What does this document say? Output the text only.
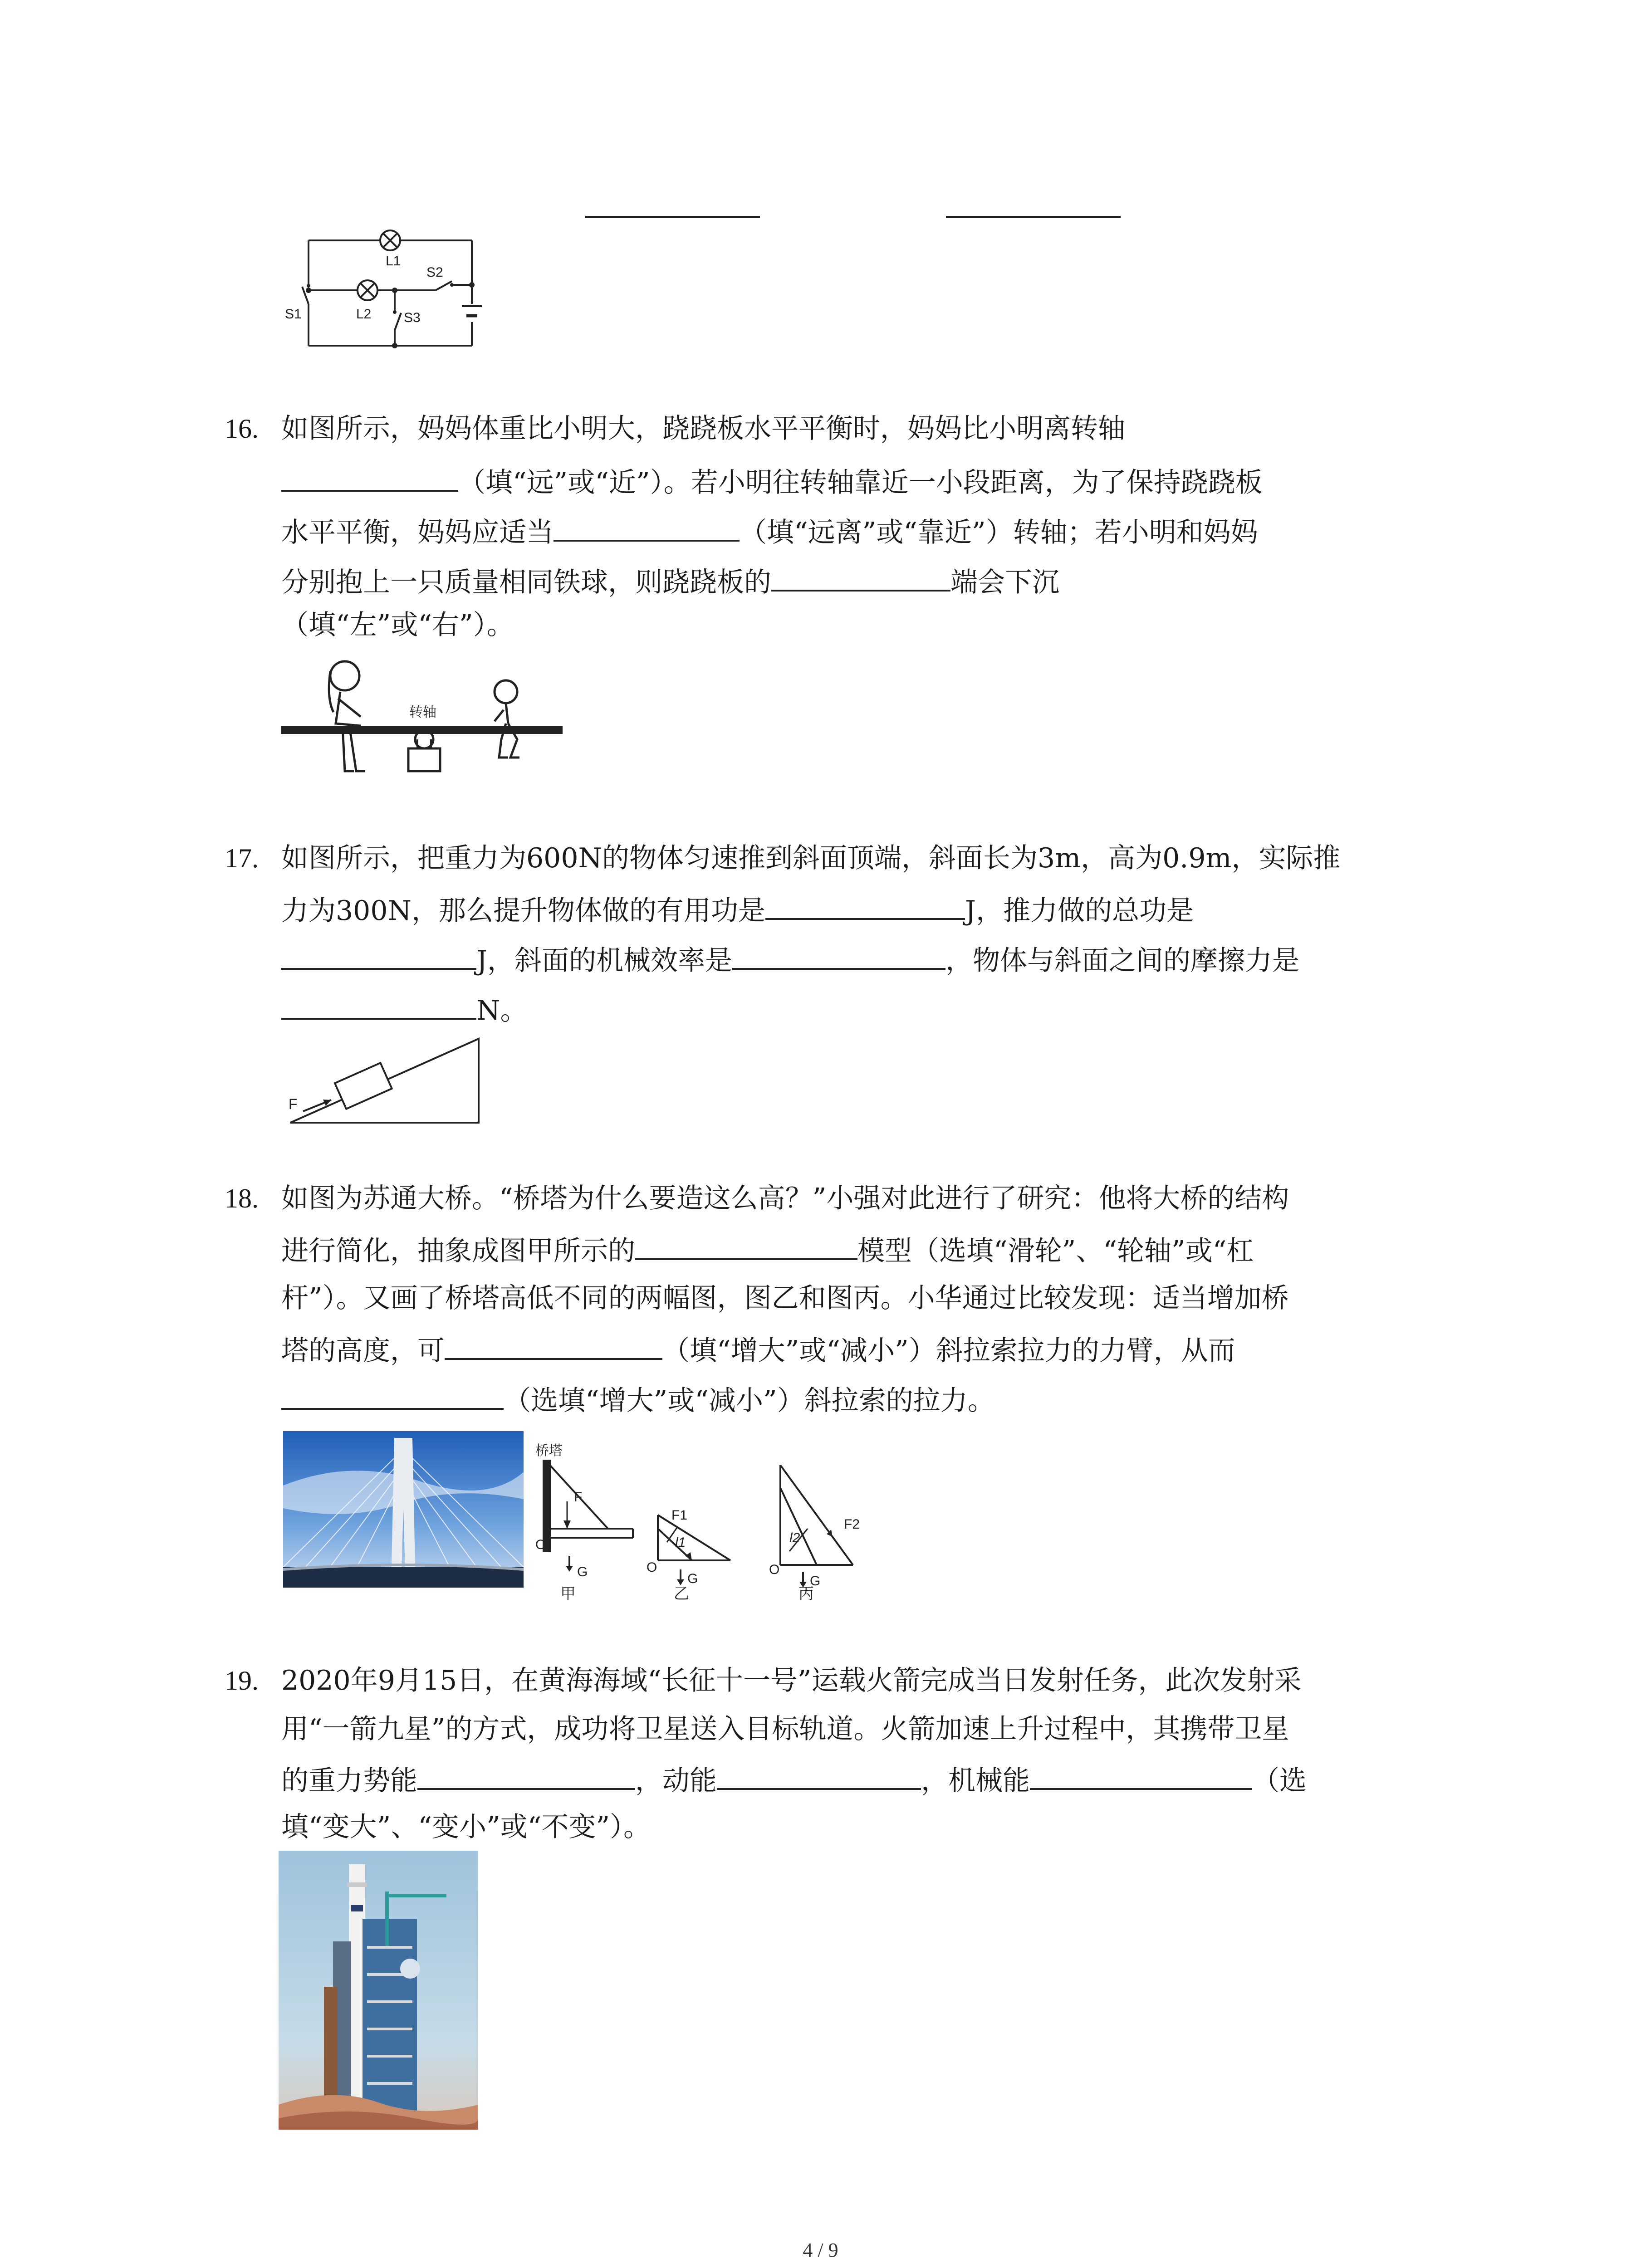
L1
L2
S1
S2
S3
16. 如图所示，妈妈体重比小明大，跷跷板水平平衡时，妈妈比小明离转轴
（填“远”或“近”）。若小明往转轴靠近一小段距离，为了保持跷跷板
水平平衡，妈妈应适当	（填“远离”或“靠近”）转轴；若小明和妈妈
分别抱上一只质量相同铁球，则跷跷板的	端会下沉
（填“左”或“右”）。
转轴
17. 如图所示，把重力为600N的物体匀速推到斜面顶端，斜面长为3m，高为0.9m，实际推
力为300N，那么提升物体做的有用功是	J，推力做的总功是
J，斜面的机械效率是	，物体与斜面之间的摩擦力是
N。
F
18. 如图为苏通大桥。“桥塔为什么要造这么高？”小强对此进行了研究：他将大桥的结构
进行简化，抽象成图甲所示的	模型（选填“滑轮”、“轮轴”或“杠
杆”）。又画了桥塔高低不同的两幅图，图乙和图丙。小华通过比较发现：适当增加桥
塔的高度，可	（填“增大”或“减小”）斜拉索拉力的力臂，从而
（选填“增大”或“减小”）斜拉索的拉力。
桥塔
F
O
G
F1
l1
O
G
F2
l2
O
G
甲	乙	丙
19. 2020年9月15日，在黄海海域“长征十一号”运载火箭完成当日发射任务，此次发射采
用“一箭九星”的方式，成功将卫星送入目标轨道。火箭加速上升过程中，其携带卫星
的重力势能	，动能	，机械能	（选
填“变大”、“变小”或“不变”）。
4 / 9
